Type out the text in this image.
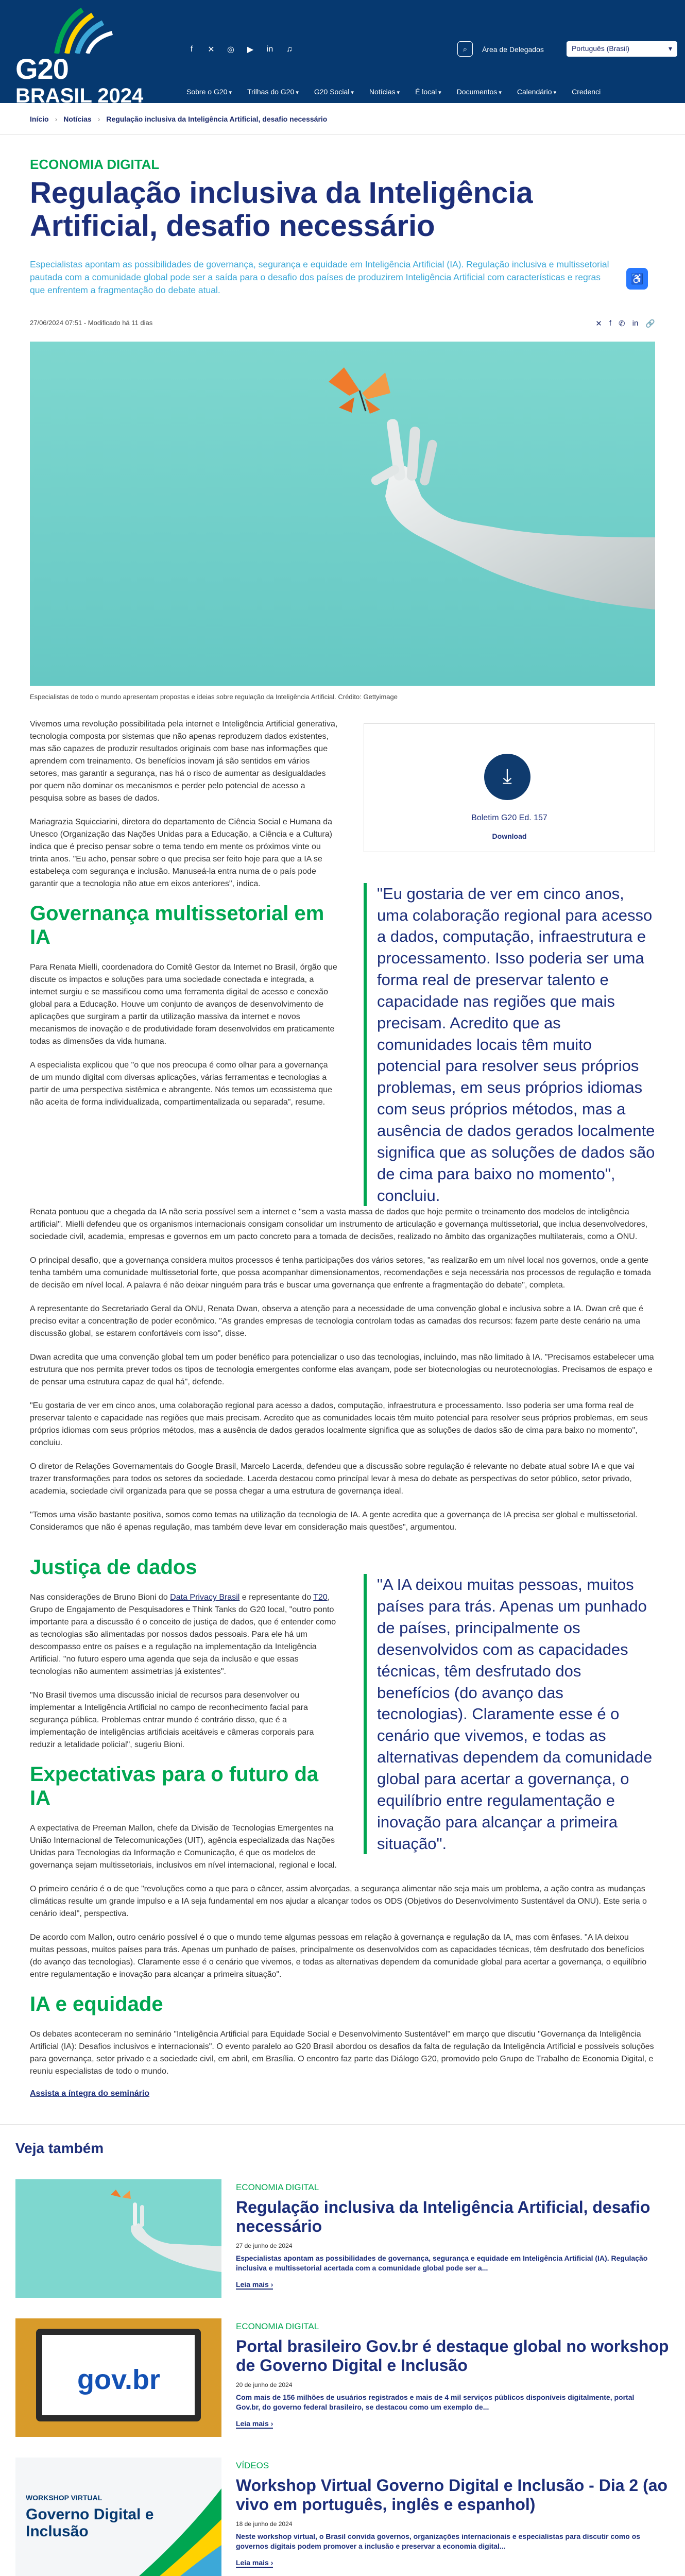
G20
BRASIL 2024
f	✕ ◎ ▶ in ♫	⌕ Área de Delegados	Português (Brasil)	▾
Sobre o G20 ▾	Trilhas do G20 ▾	G20 Social ▾	Notícias ▾	É local ▾	Documentos ▾	Calendário ▾	Credenci
Início › Notícias › Regulação inclusiva da Inteligência Artificial, desafio necessário
♿
ECONOMIA DIGITAL
Regulação inclusiva da Inteligência Artificial, desafio necessário

Especialistas apontam as possibilidades de governança, segurança e equidade em Inteligência Artificial (IA). Regulação inclusiva e multissetorial pautada com a comunidade global pode ser a saída para o desafio dos países de produzirem Inteligência Artificial com características e regras que enfrentem a fragmentação do debate atual.

27/06/2024 07:51 - Modificado há 11 dias	✕ f ✆ in 🔗
Especialistas de todo o mundo apresentam propostas e ideias sobre regulação da Inteligência Artificial. Crédito: Gettyimage

Vivemos uma revolução possibilitada pela internet e Inteligência Artificial generativa, tecnologia composta por sistemas que não apenas reproduzem dados existentes, mas são capazes de produzir resultados originais com base nas informações que aprendem com treinamento. Os benefícios inovam já são sentidos em vários setores, mas garantir a segurança, nas há o risco de aumentar as desigualdades por quem não dominar os mecanismos e perder pelo potencial de acesso a pesquisa sobre as bases de dados.

Mariagrazia Squicciarini, diretora do departamento de Ciência Social e Humana da Unesco (Organização das Nações Unidas para a Educação, a Ciência e a Cultura) indica que é preciso pensar sobre o tema tendo em mente os próximos vinte ou trinta anos. "Eu acho, pensar sobre o que precisa ser feito hoje para que a IA se estabeleça com segurança e inclusão. Manuseá-la entra numa de o país pode garantir que a tecnologia não atue em eixos anteriores", indica.

Governança multissetorial em IA

Para Renata Mielli, coordenadora do Comitê Gestor da Internet no Brasil, órgão que discute os impactos e soluções para uma sociedade conectada e integrada, a internet surgiu e se massificou como uma ferramenta digital de acesso e conexão global para a Educação. Houve um conjunto de avanços de desenvolvimento de aplicações que surgiram a partir da utilização massiva da internet e novos mecanismos de inovação e de produtividade foram desenvolvidos em praticamente todas as dimensões da vida humana.

A especialista explicou que "o que nos preocupa é como olhar para a governança de um mundo digital com diversas aplicações, várias ferramentas e tecnologias a partir de uma perspectiva sistêmica e abrangente. Nós temos um ecossistema que não aceita de forma individualizada, compartimentalizada ou separada", resume.

⤓
Boletim G20 Ed. 157
Download
"Eu gostaria de ver em cinco anos, uma colaboração regional para acesso a dados, computação, infraestrutura e processamento. Isso poderia ser uma forma real de preservar talento e capacidade nas regiões que mais precisam. Acredito que as comunidades locais têm muito potencial para resolver seus próprios problemas, em seus próprios idiomas com seus próprios métodos, mas a ausência de dados gerados localmente significa que as soluções de dados são de cima para baixo no momento", concluiu.

Renata pontuou que a chegada da IA não seria possível sem a internet e "sem a vasta massa de dados que hoje permite o treinamento dos modelos de inteligência artificial". Mielli defendeu que os organismos internacionais consigam consolidar um instrumento de articulação e governança multissetorial, que inclua desenvolvedores, sociedade civil, academia, empresas e governos em um pacto concreto para a tomada de decisões, realizado no âmbito das organizações multilaterais, como a ONU.

O principal desafio, que a governança considera muitos processos é tenha participações dos vários setores, "as realizarão em um nível local nos governos, onde a gente tenha também uma comunidade multissetorial forte, que possa acompanhar dimensionamentos, recomendações e seja necessária nos processos de regulação e tomada de decisão em nível local. A palavra é não deixar ninguém para trás e buscar uma governança que enfrente a fragmentação do debate", completa.

A representante do Secretariado Geral da ONU, Renata Dwan, observa a atenção para a necessidade de uma convenção global e inclusiva sobre a IA. Dwan crê que é preciso evitar a concentração de poder econômico. "As grandes empresas de tecnologia controlam todas as camadas dos recursos: fazem parte deste cenário na uma discussão global, se estarem confortáveis com isso", disse.

Dwan acredita que uma convenção global tem um poder benéfico para potencializar o uso das tecnologias, incluindo, mas não limitado à IA. "Precisamos estabelecer uma estrutura que nos permita prever todos os tipos de tecnologia emergentes conforme elas avançam, pode ser biotecnologias ou neurotecnologias. Precisamos de espaço e de pensar uma estrutura capaz de qual há", defende.

"Eu gostaria de ver em cinco anos, uma colaboração regional para acesso a dados, computação, infraestrutura e processamento. Isso poderia ser uma forma real de preservar talento e capacidade nas regiões que mais precisam. Acredito que as comunidades locais têm muito potencial para resolver seus próprios problemas, em seus próprios idiomas com seus próprios métodos, mas a ausência de dados gerados localmente significa que as soluções de dados são de cima para baixo no momento", concluiu.

O diretor de Relações Governamentais do Google Brasil, Marcelo Lacerda, defendeu que a discussão sobre regulação é relevante no debate atual sobre IA e que vai trazer transformações para todos os setores da sociedade. Lacerda destacou como princípal levar à mesa do debate as perspectivas do setor público, setor privado, academia, sociedade civil organizada para que se possa chegar a uma estrutura de governança ideal.

"Temos uma visão bastante positiva, somos como temas na utilização da tecnologia de IA. A gente acredita que a governança de IA precisa ser global e multissetorial. Consideramos que não é apenas regulação, mas também deve levar em consideração mais questões", argumentou.

Justiça de dados

Nas considerações de Bruno Bioni do Data Privacy Brasil e representante do T20, Grupo de Engajamento de Pesquisadores e Think Tanks do G20 local, "outro ponto importante para a discussão é o conceito de justiça de dados, que é entender como as tecnologias são alimentadas por nossos dados pessoais. Para ele há um descompasso entre os países e a regulação na implementação da Inteligência Artificial. "no futuro espero uma agenda que seja da inclusão e que essas tecnologias não aumentem assimetrias já existentes".

"No Brasil tivemos uma discussão inicial de recursos para desenvolver ou implementar a Inteligência Artificial no campo de reconhecimento facial para segurança pública. Problemas entrar mundo é contrário disso, que é a implementação de inteligências artificiais aceitáveis e câmeras corporais para reduzir a letalidade policial", sugeriu Bioni.

Expectativas para o futuro da IA

A expectativa de Preeman Mallon, chefe da Divisão de Tecnologias Emergentes na União Internacional de Telecomunicações (UIT), agência especializada das Nações Unidas para Tecnologias da Informação e Comunicação, é que os modelos de governança sejam multissetoriais, inclusivos em nível internacional, regional e local.

"A IA deixou muitas pessoas, muitos países para trás. Apenas um punhado de países, principalmente os desenvolvidos com as capacidades técnicas, têm desfrutado dos benefícios (do avanço das tecnologias). Claramente esse é o cenário que vivemos, e todas as alternativas dependem da comunidade global para acertar a governança, o equilíbrio entre regulamentação e inovação para alcançar a primeira situação".

O primeiro cenário é o de que "revoluções como a que para o câncer, assim alvorçadas, a segurança alimentar não seja mais um problema, a ação contra as mudanças climáticas resulte um grande impulso e a IA seja fundamental em nos ajudar a alcançar todos os ODS (Objetivos do Desenvolvimento Sustentável da ONU). Este seria o cenário ideal", perspectiva.

De acordo com Mallon, outro cenário possível é o que o mundo teme algumas pessoas em relação à governança e regulação da IA, mas com ênfases. "A IA deixou muitas pessoas, muitos países para trás. Apenas um punhado de países, principalmente os desenvolvidos com as capacidades técnicas, têm desfrutado dos benefícios (do avanço das tecnologias). Claramente esse é o cenário que vivemos, e todas as alternativas dependem da comunidade global para acertar a governança, o equilíbrio entre regulamentação e inovação para alcançar a primeira situação".

IA e equidade

Os debates aconteceram no seminário "Inteligência Artificial para Equidade Social e Desenvolvimento Sustentável" em março que discutiu "Governança da Inteligência Artificial (IA): Desafios inclusivos e internacionais". O evento paralelo ao G20 Brasil abordou os desafios da falta de regulação da Inteligência Artificial e possíveis soluções para governança, setor privado e a sociedade civil, em abril, em Brasília. O encontro faz parte das Diálogo G20, promovido pelo Grupo de Trabalho de Economia Digital, e reuniu especialistas de todo o mundo.

Assista a íntegra do seminário
Veja também
ECONOMIA DIGITAL
Regulação inclusiva da Inteligência Artificial, desafio necessário
27 de junho de 2024
Especialistas apontam as possibilidades de governança, segurança e equidade em Inteligência Artificial (IA). Regulação inclusiva e multissetorial acertada com a comunidade global pode ser a...
Leia mais ›
gov.br
ECONOMIA DIGITAL
Portal brasileiro Gov.br é destaque global no workshop de Governo Digital e Inclusão
20 de junho de 2024
Com mais de 156 milhões de usuários registrados e mais de 4 mil serviços públicos disponíveis digitalmente, portal Gov.br, do governo federal brasileiro, se destacou como um exemplo de...
Leia mais ›
WORKSHOP VIRTUAL
Governo Digital e Inclusão
VÍDEOS
Workshop Virtual Governo Digital e Inclusão - Dia 2 (ao vivo em português, inglês e espanhol)
18 de junho de 2024
Neste workshop virtual, o Brasil convida governos, organizações internacionais e especialistas para discutir como os governos digitais podem promover a inclusão e preservar a economia digital...
Leia mais ›
